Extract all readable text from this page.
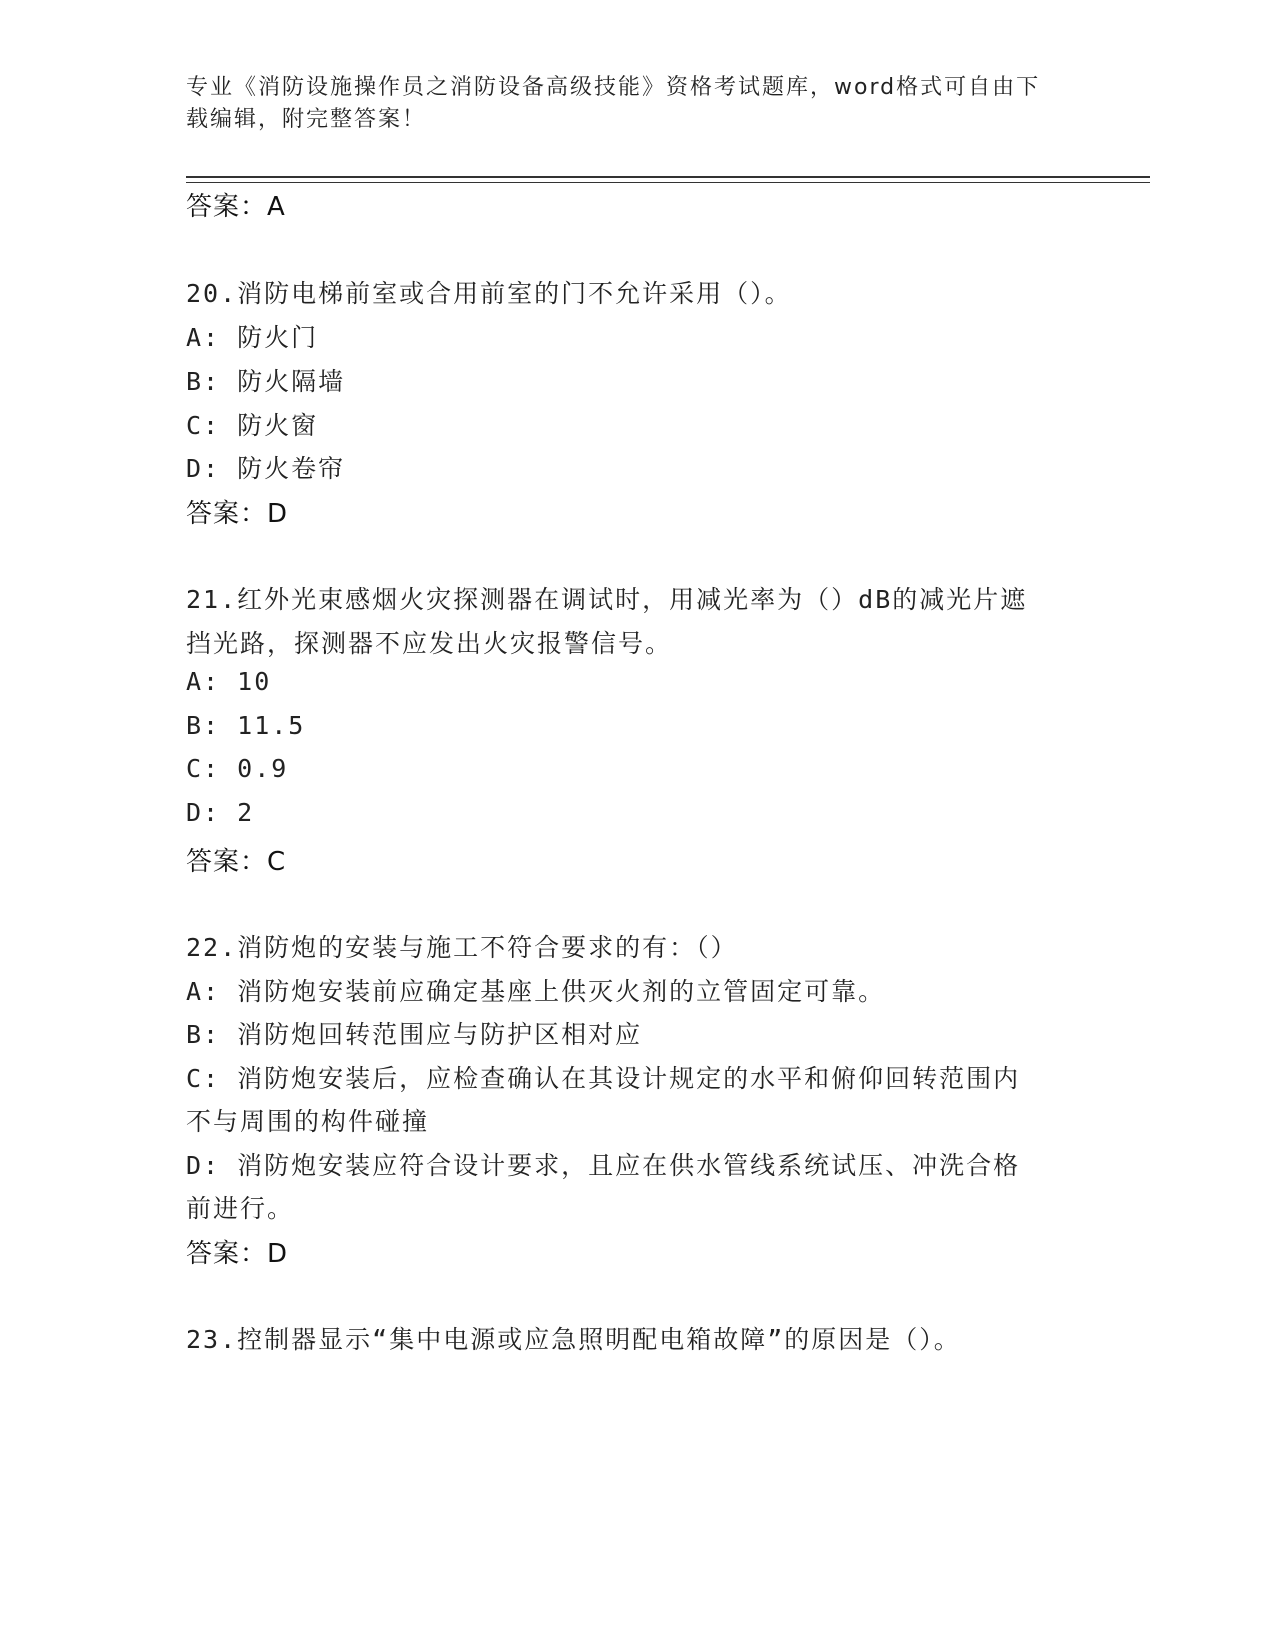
专业《消防设施操作员之消防设备高级技能》资格考试题库，word格式可自由下
载编辑，附完整答案！
答案：A
20.消防电梯前室或合用前室的门不允许采用（）。
A: 防火门
B: 防火隔墙
C: 防火窗
D: 防火卷帘
答案：D
21.红外光束感烟火灾探测器在调试时，用减光率为（）dB的减光片遮
挡光路，探测器不应发出火灾报警信号。
A: 10
B: 11.5
C: 0.9
D: 2
答案：C
22.消防炮的安装与施工不符合要求的有：（）
A: 消防炮安装前应确定基座上供灭火剂的立管固定可靠。
B: 消防炮回转范围应与防护区相对应
C: 消防炮安装后，应检查确认在其设计规定的水平和俯仰回转范围内
不与周围的构件碰撞
D: 消防炮安装应符合设计要求，且应在供水管线系统试压、冲洗合格
前进行。
答案：D
23.控制器显示“集中电源或应急照明配电箱故障”的原因是（）。
